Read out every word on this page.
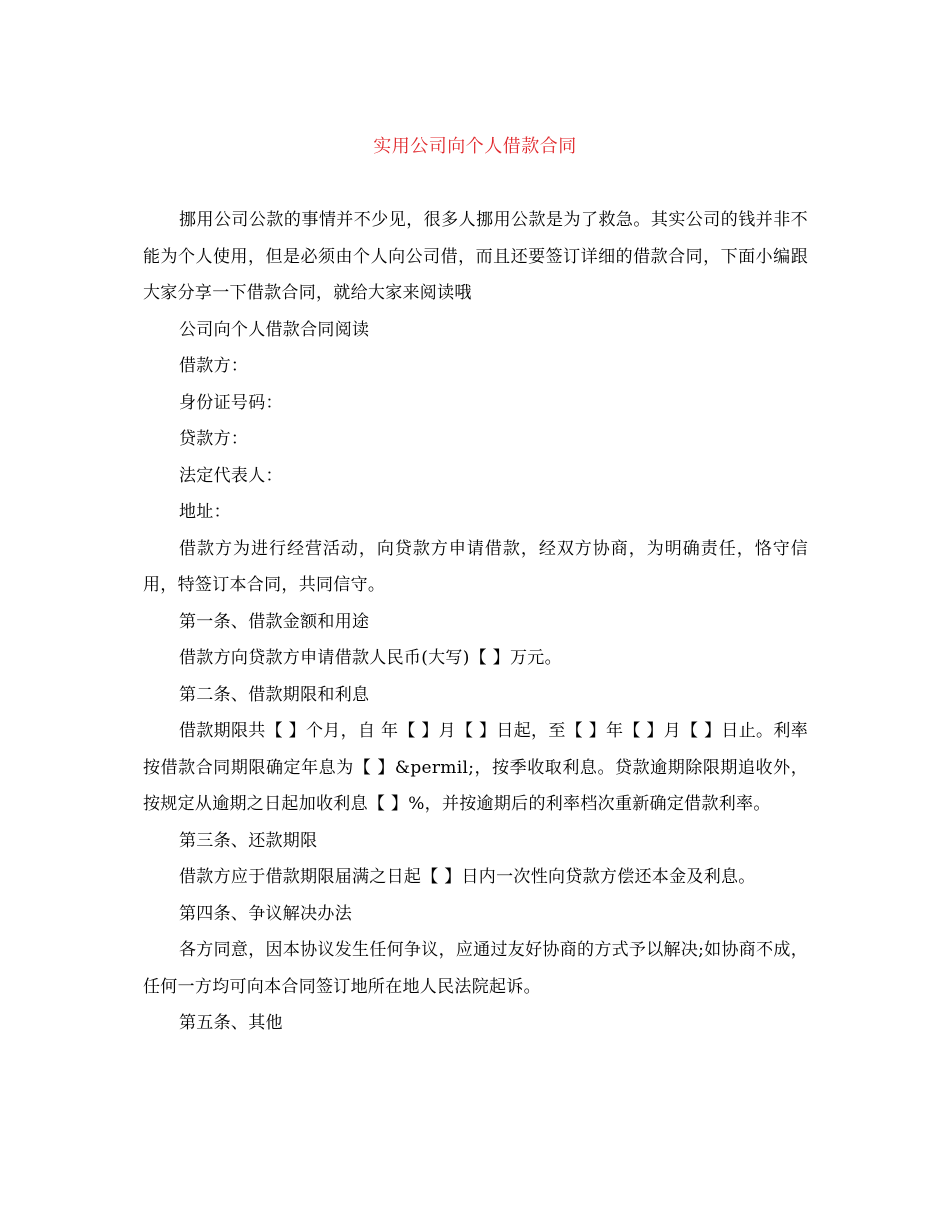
实用公司向个人借款合同

挪用公司公款的事情并不少见，很多人挪用公款是为了救急。其实公司的钱并非不能为个人使用，但是必须由个人向公司借，而且还要签订详细的借款合同，下面小编跟大家分享一下借款合同，就给大家来阅读哦

公司向个人借款合同阅读

借款方：

身份证号码：

贷款方：

法定代表人：

地址：

借款方为进行经营活动，向贷款方申请借款，经双方协商，为明确责任，恪守信用，特签订本合同，共同信守。

第一条、借款金额和用途

借款方向贷款方申请借款人民币(大写)【 】万元。

第二条、借款期限和利息

借款期限共【 】个月，自 年【 】月【 】日起，至【 】年【 】月【 】日止。利率按借款合同期限确定年息为【 】&permil;，按季收取利息。贷款逾期除限期追收外，按规定从逾期之日起加收利息【 】%，并按逾期后的利率档次重新确定借款利率。

第三条、还款期限

借款方应于借款期限届满之日起【 】日内一次性向贷款方偿还本金及利息。

第四条、争议解决办法

各方同意，因本协议发生任何争议，应通过友好协商的方式予以解决;如协商不成，任何一方均可向本合同签订地所在地人民法院起诉。

第五条、其他
